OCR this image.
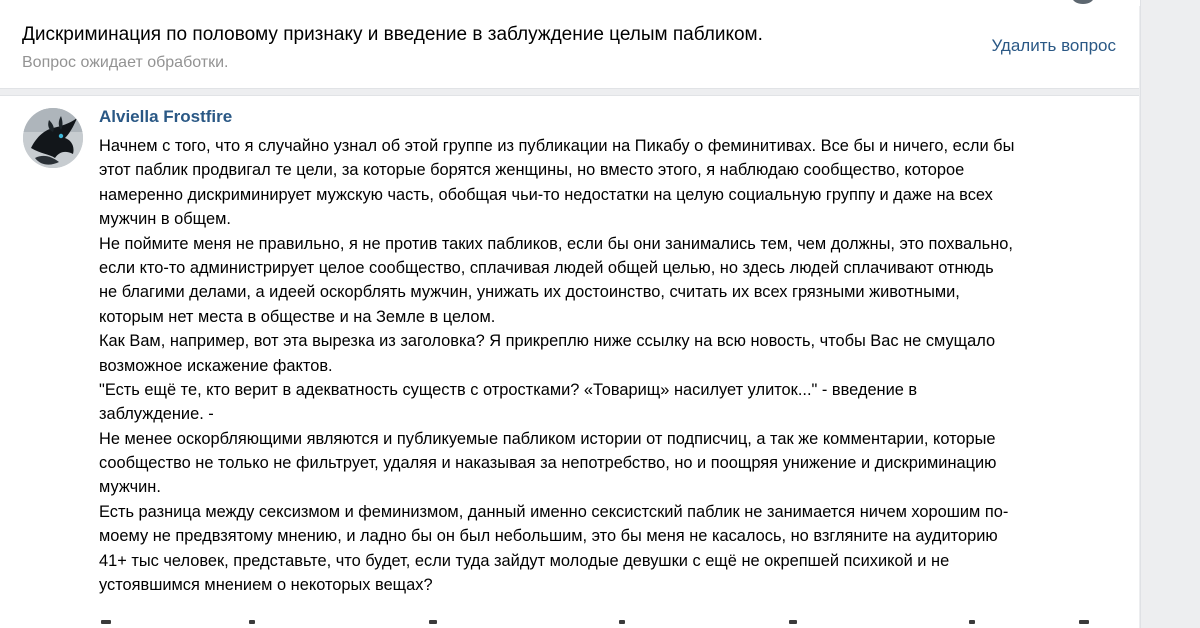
Дискриминация по половому признаку и введение в заблуждение целым пабликом.
Вопрос ожидает обработки.
Удалить вопрос
Alviella Frostfire
Начнем с того, что я случайно узнал об этой группе из публикации на Пикабу о феминитивах. Все бы и ничего, если бы
этот паблик продвигал те цели, за которые борятся женщины, но вместо этого, я наблюдаю сообщество, которое
намеренно дискриминирует мужскую часть, обобщая чьи-то недостатки на целую социальную группу и даже на всех
мужчин в общем.
Не поймите меня не правильно, я не против таких пабликов, если бы они занимались тем, чем должны, это похвально,
если кто-то администрирует целое сообщество, сплачивая людей общей целью, но здесь людей сплачивают отнюдь
не благими делами, а идеей оскорблять мужчин, унижать их достоинство, считать их всех грязными животными,
которым нет места в обществе и на Земле в целом.
Как Вам, например, вот эта вырезка из заголовка? Я прикреплю ниже ссылку на всю новость, чтобы Вас не смущало
возможное искажение фактов.
"Есть ещё те, кто верит в адекватность существ с отростками? «Товарищ» насилует улиток..." - введение в
заблуждение. -
Не менее оскорбляющими являются и публикуемые пабликом истории от подписчиц, а так же комментарии, которые
сообщество не только не фильтрует, удаляя и наказывая за непотребство, но и поощряя унижение и дискриминацию
мужчин.
Есть разница между сексизмом и феминизмом, данный именно сексистский паблик не занимается ничем хорошим по-
моему не предвзятому мнению, и ладно бы он был небольшим, это бы меня не касалось, но взгляните на аудиторию
41+ тыс человек, представьте, что будет, если туда зайдут молодые девушки с ещё не окрепшей психикой и не
устоявшимся мнением о некоторых вещах?
